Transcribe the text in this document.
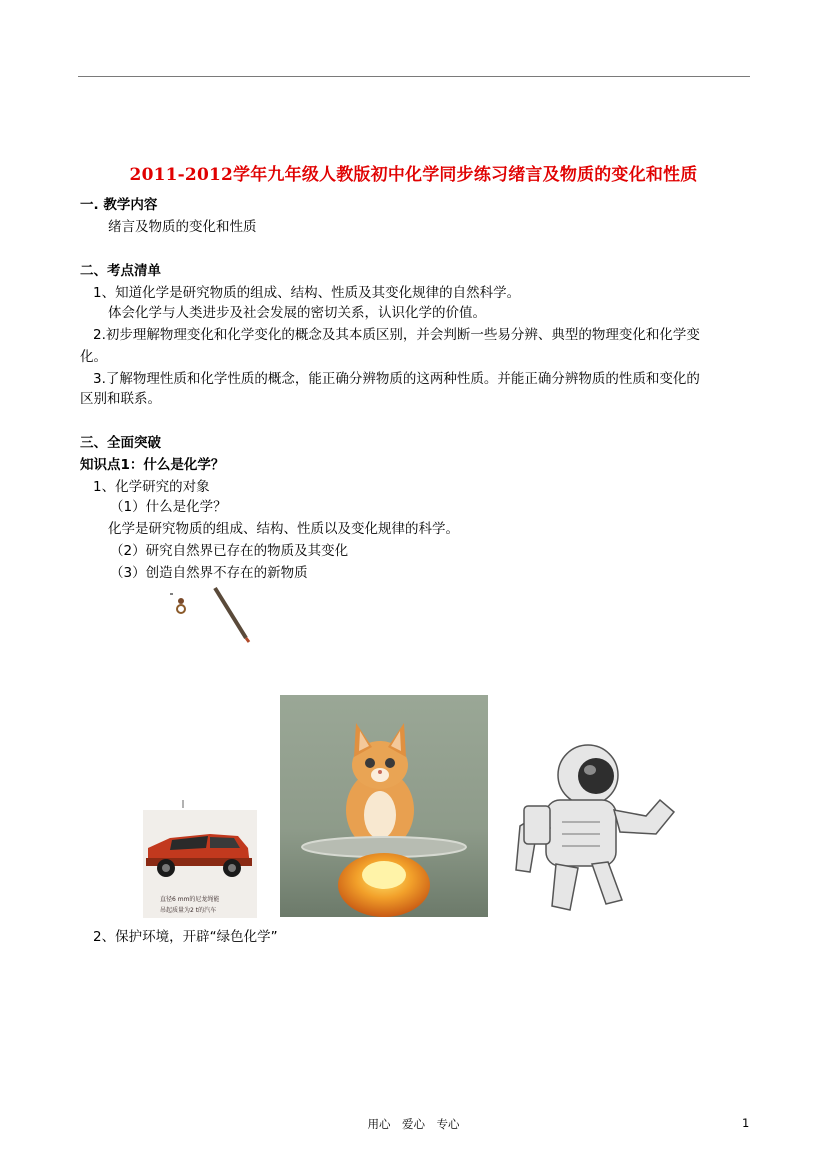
2011-2012学年九年级人教版初中化学同步练习绪言及物质的变化和性质
一. 教学内容
绪言及物质的变化和性质
二、考点清单
1、知道化学是研究物质的组成、结构、性质及其变化规律的自然科学。
体会化学与人类进步及社会发展的密切关系，认识化学的价值。
2.初步理解物理变化和化学变化的概念及其本质区别，并会判断一些易分辨、典型的物理变化和化学变
化。
3.了解物理性质和化学性质的概念，能正确分辨物质的这两种性质。并能正确分辨物质的性质和变化的
区别和联系。
三、全面突破
知识点1：什么是化学？
1、化学研究的对象
（1）什么是化学？
化学是研究物质的组成、结构、性质以及变化规律的科学。
（2）研究自然界已存在的物质及其变化
（3）创造自然界不存在的新物质
直径6 mm的尼龙绳能
吊起质量为2 t的汽车
2、保护环境，开辟“绿色化学”
用心　爱心　专心	1
